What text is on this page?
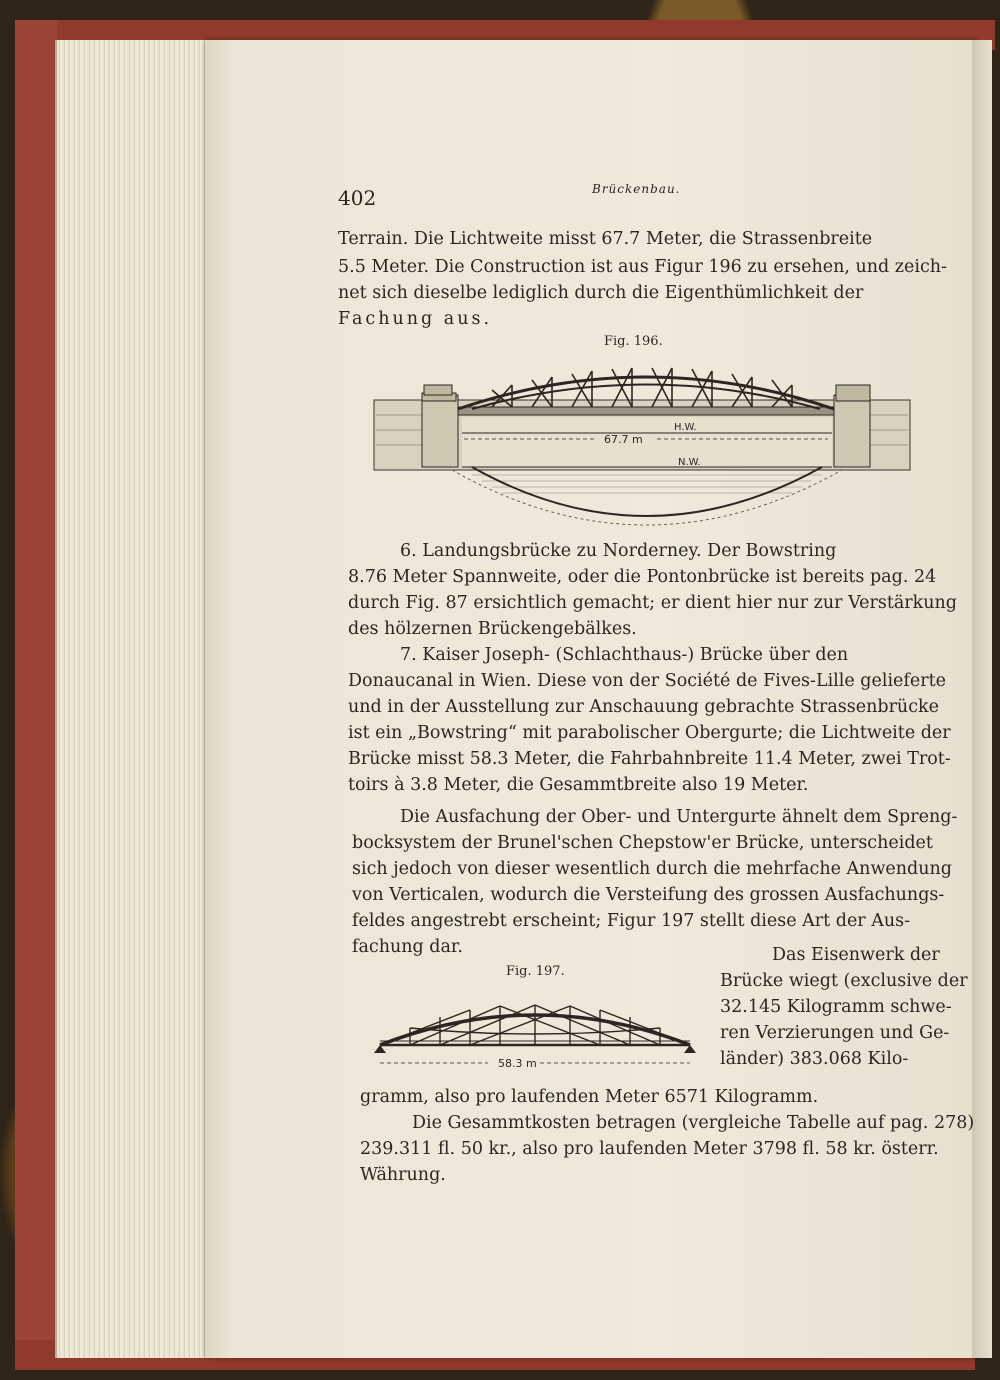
402	Brückenbau.
Terrain. Die Lichtweite misst 67.7 Meter, die Strassenbreite
5.5 Meter. Die Construction ist aus Figur 196 zu ersehen, und zeich-
net sich dieselbe lediglich durch die Eigenthümlichkeit der
Fachung aus.
Fig. 196.
67.7 m
H.W.
N.W.
6. Landungsbrücke zu Norderney. Der Bowstring
8.76 Meter Spannweite, oder die Pontonbrücke ist bereits pag. 24
durch Fig. 87 ersichtlich gemacht; er dient hier nur zur Verstärkung
des hölzernen Brückengebälkes.
7. Kaiser Joseph- (Schlachthaus-) Brücke über den
Donaucanal in Wien. Diese von der Société de Fives-Lille gelieferte
und in der Ausstellung zur Anschauung gebrachte Strassenbrücke
ist ein „Bowstring“ mit parabolischer Obergurte; die Lichtweite der
Brücke misst 58.3 Meter, die Fahrbahnbreite 11.4 Meter, zwei Trot-
toirs à 3.8 Meter, die Gesammtbreite also 19 Meter.
Die Ausfachung der Ober- und Untergurte ähnelt dem Spreng-
bocksystem der Brunel'schen Chepstow'er Brücke, unterscheidet
sich jedoch von dieser wesentlich durch die mehrfache Anwendung
von Verticalen, wodurch die Versteifung des grossen Ausfachungs-
feldes angestrebt erscheint; Figur 197 stellt diese Art der Aus-
fachung dar.
Fig. 197.
58.3 m
Das Eisenwerk der
Brücke wiegt (exclusive der
32.145 Kilogramm schwe-
ren Verzierungen und Ge-
länder) 383.068 Kilo-
gramm, also pro laufenden Meter 6571 Kilogramm.
Die Gesammtkosten betragen (vergleiche Tabelle auf pag. 278)
239.311 fl. 50 kr., also pro laufenden Meter 3798 fl. 58 kr. österr.
Währung.
